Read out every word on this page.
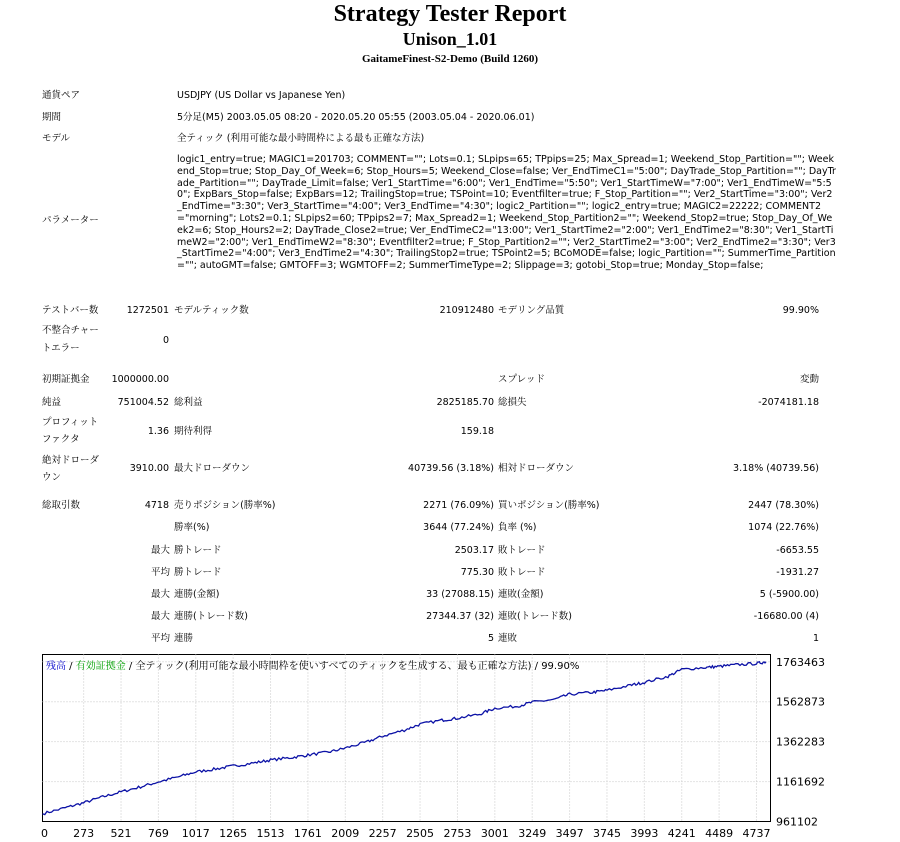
Strategy Tester Report
Unison_1.01
GaitameFinest-S2-Demo (Build 1260)
通貨ペア	USDJPY (US Dollar vs Japanese Yen)
期間	5分足(M5) 2003.05.05 08:20 - 2020.05.20 05:55 (2003.05.04 - 2020.06.01)
モデル	全ティック (利用可能な最小時間枠による最も正確な方法)
パラメーター
logic1_entry=true; MAGIC1=201703; COMMENT=""; Lots=0.1; SLpips=65; TPpips=25; Max_Spread=1; Weekend_Stop_Partition=""; Weekend_Stop=true; Stop_Day_Of_Week=6; Stop_Hours=5; Weekend_Close=false; Ver_EndTimeC1="5:00"; DayTrade_Stop_Partition=""; DayTrade_Partition=""; DayTrade_Limit=false; Ver1_StartTime="6:00"; Ver1_EndTime="5:50"; Ver1_StartTimeW="7:00"; Ver1_EndTimeW="5:50"; ExpBars_Stop=false; ExpBars=12; TrailingStop=true; TSPoint=10; Eventfilter=true; F_Stop_Partition=""; Ver2_StartTime="3:00"; Ver2_EndTime="3:30"; Ver3_StartTime="4:00"; Ver3_EndTime="4:30"; logic2_Partition=""; logic2_entry=true; MAGIC2=22222; COMMENT2="morning"; Lots2=0.1; SLpips2=60; TPpips2=7; Max_Spread2=1; Weekend_Stop_Partition2=""; Weekend_Stop2=true; Stop_Day_Of_Week2=6; Stop_Hours2=2; DayTrade_Close2=true; Ver_EndTimeC2="13:00"; Ver1_StartTime2="2:00"; Ver1_EndTime2="8:30"; Ver1_StartTimeW2="2:00"; Ver1_EndTimeW2="8:30"; Eventfilter2=true; F_Stop_Partition2=""; Ver2_StartTime2="3:00"; Ver2_EndTime2="3:30"; Ver3_StartTime2="4:00"; Ver3_EndTime2="4:30"; TrailingStop2=true; TSPoint2=5; BCoMODE=false; logic_Partition=""; SummerTime_Partition=""; autoGMT=false; GMTOFF=3; WGMTOFF=2; SummerTimeType=2; Slippage=3; gotobi_Stop=true; Monday_Stop=false;
テストバー数	1272501 モデルティック数	210912480 モデリング品質	99.90%
不整合チャー
トエラー
0
初期証拠金	1000000.00	スプレッド	変動
純益	751004.52 総利益	2825185.70 総損失	-2074181.18
プロフィット
ファクタ
1.36 期待利得	159.18
絶対ドローダ
ウン
3910.00 最大ドローダウン	40739.56 (3.18%) 相対ドローダウン	3.18% (40739.56)
総取引数	4718 売りポジション(勝率%)	2271 (76.09%) 買いポジション(勝率%)	2447 (78.30%)
勝率(%)	3644 (77.24%) 負率 (%)	1074 (22.76%)
最大 勝トレード	2503.17 敗トレード	-6653.55
平均 勝トレード	775.30 敗トレード	-1931.27
最大 連勝(金額)	33 (27088.15) 連敗(金額)	5 (-5900.00)
最大 連勝(トレード数)	27344.37 (32) 連敗(トレード数)	-16680.00 (4)
平均 連勝	5 連敗	1
0 273 521 769 1017 1265 1513 1761 2009 2257 2505 2753 3001 3249 3497 3745 3993 4241 4489 4737
961102
1161692
1362283
1562873
1763463
残高 / 有効証拠金 / 全ティック(利用可能な最小時間枠を使いすべてのティックを生成する、最も正確な方法) / 99.90%
